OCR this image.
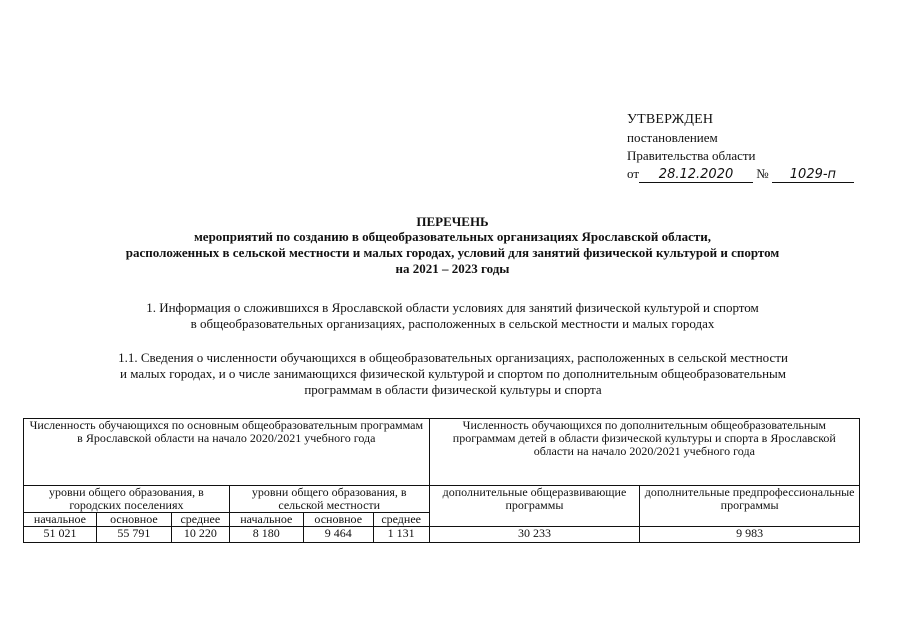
УТВЕРЖДЕН
постановлением
Правительства области
от 28.12.2020 № 1029-п
ПЕРЕЧЕНЬ
мероприятий по созданию в общеобразовательных организациях Ярославской области,
расположенных в сельской местности и малых городах, условий для занятий физической культурой и спортом
на 2021 – 2023 годы
1. Информация о сложившихся в Ярославской области условиях для занятий физической культурой и спортом
в общеобразовательных организациях, расположенных в сельской местности и малых городах
1.1. Сведения о численности обучающихся в общеобразовательных организациях, расположенных в сельской местности
и малых городах, и о числе занимающихся физической культурой и спортом по дополнительным общеобразовательным
программам в области физической культуры и спорта
Численность обучающихся по основным общеобразовательным программам в Ярославской области на начало 2020/2021 учебного года						Численность обучающихся по дополнительным общеобразовательным программам детей в области физической культуры и спорта в Ярославской области на начало 2020/2021 учебного года	
уровни общего образования, в городских поселениях			уровни общего образования, в сельской местности			дополнительные общеразвивающие программы	дополнительные предпрофессиональные программы
начальное	основное	среднее	начальное	основное	среднее		
51 021	55 791	10 220	8 180	9 464	1 131	30 233	9 983
